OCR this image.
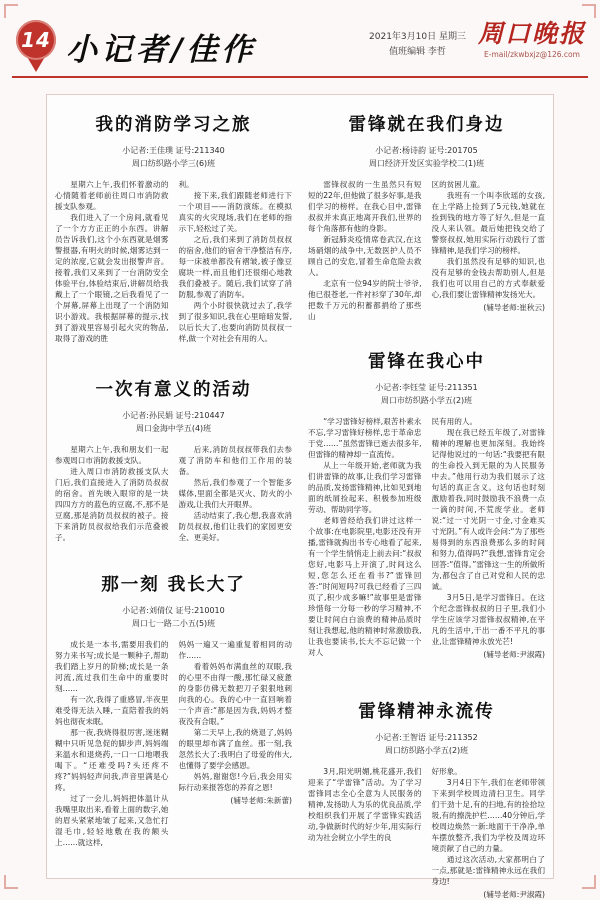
14 小记者/佳作	2021年3月10日 星期三
值班编辑 李哲
周口晚报
E-mail/zkwbxjz@126.com
我的消防学习之旅
小记者:王佳璞 证号:211340
周口纺织路小学三(6)班

星期六上午,我们怀着激动的心情随着老师前往周口市消防救援支队参观。

我们进入了一个房间,就看见了一个方方正正的小东西。讲解员告诉我们,这个小东西就是烟雾警报器,有明火的时候,烟雾达到一定的浓度,它就会发出报警声音。接着,我们又来到了一台消防安全体验平台,体验结束后,讲解员给我戴上了一个眼镜,之后我看见了一个屏幕,屏幕上出现了一个消防知识小游戏。我根据屏幕的提示,找到了游戏里容易引起火灾的物品,取得了游戏的胜

利。

接下来,我们跟随老师进行下一个项目——消防演练。在模拟真实的火灾现场,我们在老师的指示下,轻松过了关。

之后,我们来到了消防员叔叔的宿舍,他们的宿舍干净整洁有序,每一床被单都没有褶皱,被子像豆腐块一样,而且他们还很细心地教我们叠被子。随后,我们试穿了消防服,参观了消防车。

两个小时很快就过去了,我学到了很多知识,我在心里暗暗发誓,以后长大了,也要向消防员叔叔一样,做一个对社会有用的人。

一次有意义的活动
小记者:孙民娟 证号:210447
周口金海中学五(4)班

星期六上午,我和朋友们一起参观周口市消防救援支队。

进入周口市消防救援支队大门后,我们直接进入了消防员叔叔的宿舍。首先映入眼帘的是一块四四方方的蓝色的豆腐,不,那不是豆腐,那是消防员叔叔的被子。接下来消防员叔叔给我们示范叠被子。

后来,消防员叔叔带我们去参观了消防车和他们工作用的装备。

然后,我们参观了一个智能多媒体,里面全都是灭火、防火的小游戏,让我们大开眼界。

活动结束了,我心想,我喜欢消防员叔叔,他们让我们的家园更安全、更美好。

那一刻 我长大了
小记者:刘倩仪 证号:210010
周口七一路二小五(5)班

成长是一本书,需要用我们的努力来书写;成长是一颗种子,帮助我们踏上岁月的阶梯;成长是一条河流,流过我们生命中的重要时刻……

有一次,我得了重感冒,半夜里难受得无法入睡,一直陪着我的妈妈也彻夜未眠。

那一夜,我烧得很厉害,迷迷糊糊中只听见急促的脚步声,妈妈端来温水和退烧药,一口一口地喂我喝下。“还难受吗?头还疼不疼?”妈妈轻声问我,声音里满是心疼。

过了一会儿,妈妈把体温计从我嘴里取出来,看着上面的数字,她的眉头紧紧地皱了起来,又急忙打湿毛巾,轻轻地敷在我的额头上……就这样,

妈妈一遍又一遍重复着相同的动作……

看着妈妈布满血丝的双眼,我的心里不由得一酸,那忙碌又疲惫的身影仿佛无数把刀子狠狠地刺向我的心。我的心中一直回响着一个声音:“都是因为我,妈妈才整夜没有合眼。”

第二天早上,我的烧退了,妈妈的眼里却布满了血丝。那一刻,我忽然长大了:我明白了母爱的伟大,也懂得了要学会感恩。

妈妈,谢谢您!今后,我会用实际行动来报答您的养育之恩!

(辅导老师:朱新蕾)

雷锋就在我们身边
小记者:杨诗韵 证号:201705
周口经济开发区实验学校二(1)班

雷锋叔叔的一生虽然只有短短的22年,但他做了很多好事,是我们学习的榜样。在我心目中,雷锋叔叔并未真正地离开我们,世界的每个角落都有他的身影。

新冠肺炎疫情席卷武汉,在这场硝烟的战争中,无数医护人员不顾自己的安危,冒着生命危险去救人。

北京有一位94岁的院士爷爷,他已很苍老,一件衬衫穿了30年,却把数千万元的积蓄都捐给了那些山

区的贫困儿童。

我班有一个叫李欣瑶的女孩,在上学路上捡到了5元钱,她就在捡到钱的地方等了好久,但是一直没人来认领。最后她把钱交给了警察叔叔,她用实际行动践行了雷锋精神,是我们学习的榜样。

我们虽然没有足够的知识,也没有足够的金钱去帮助别人,但是我们也可以用自己的方式奉献爱心,我们要让雷锋精神发扬光大。

(辅导老师:崔秋云)

雷锋在我心中
小记者:李钰莹 证号:211351
周口市纺织路小学五(2)班

“学习雷锋好榜样,艰苦朴素永不忘,学习雷锋好榜样,忠于革命忠于党……”虽然雷锋已逝去很多年,但雷锋的精神却一直流传。

从上一年级开始,老师就为我们讲雷锋的故事,让我们学习雷锋的品质,发扬雷锋精神,比如见到地面的纸屑捡起来、积极参加班级劳动、帮助同学等。

老师曾经给我们讲过这样一个故事:在电影院里,电影还没有开播,雷锋就掏出书专心地看了起来,有一个学生悄悄走上前去问:“叔叔您好,电影马上开演了,时间这么短,您怎么还在看书?”雷锋回答:“时间短吗?可我已经看了三四页了,积少成多嘛!”故事里是雷锋珍惜每一分每一秒的学习精神,不要让时间白白浪费的精神品质时刻让我想起,他的精神时常激励我,让我也要读书,长大不忘记做一个对人

民有用的人。

现在我已经五年级了,对雷锋精神的理解也更加深刻。我始终记得他说过的一句话:“我要把有限的生命投入到无限的为人民服务中去。”他用行动为我们展示了这句话的真正含义。这句话也时刻激励着我,同时鼓励我不浪费一点一滴的时间,不荒废学业。老师说:“过一寸光阴一寸金,寸金难买寸光阴。”有人或许会问:“为了那些易得到的东西浪费那么多的时间和努力,值得吗?”我想,雷锋肯定会回答:“值得。”雷锋这一生的所做所为,都包含了自己对党和人民的忠诚。

3月5日,是学习雷锋日。在这个纪念雷锋叔叔的日子里,我们小学生应该学习雷锋叔叔精神,在平凡的生活中,干出一番不平凡的事业,让雷锋精神永放光芒!

(辅导老师:尹淑霞)

雷锋精神永流传
小记者:王智语 证号:211352
周口纺织路小学五(2)班

3月,阳光明媚,桃花盛开,我们迎来了“学雷锋”活动。为了学习雷锋同志全心全意为人民服务的精神,发扬助人为乐的优良品质,学校组织我们开展了学雷锋实践活动,争做新时代的好少年,用实际行动为社会树立小学生的良

好形象。

3月4日下午,我们在老师带领下来到学校周边清扫卫生。同学们干劲十足,有的扫地,有的捡拾垃圾,有的擦洗护栏……40分钟后,学校周边焕然一新:地面干干净净,单车摆放整齐,我们为学校及周边环境贡献了自己的力量。

通过这次活动,大家都明白了一点,那就是:雷锋精神永远在我们身边!

(辅导老师:尹淑霞)
